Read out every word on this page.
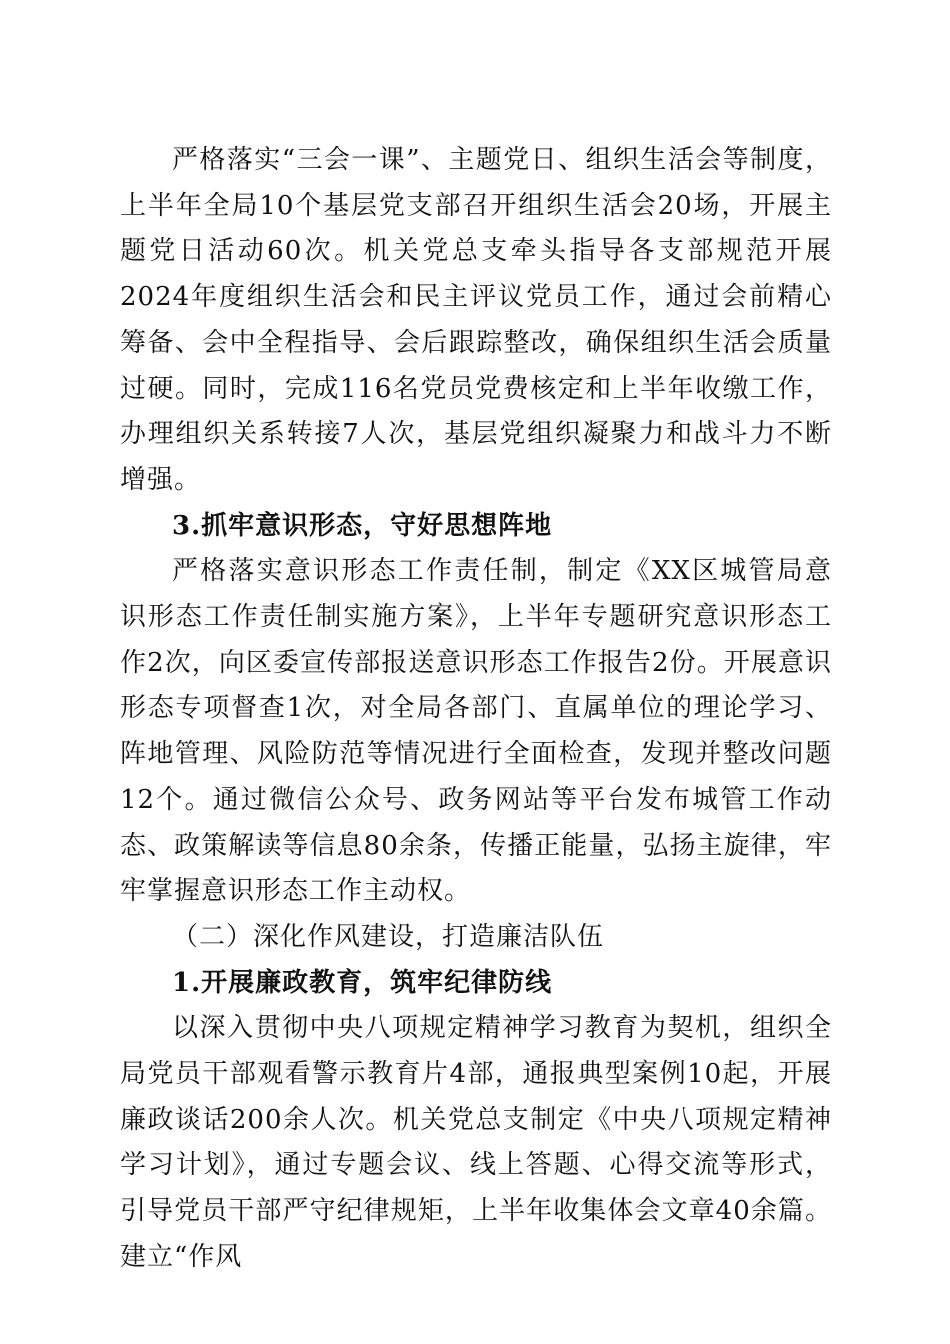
严格落实“三会一课”、主题党日、组织生活会等制度，上半年全局10个基层党支部召开组织生活会20场，开展主题党日活动60次。机关党总支牵头指导各支部规范开展2024年度组织生活会和民主评议党员工作，通过会前精心筹备、会中全程指导、会后跟踪整改，确保组织生活会质量过硬。同时，完成116名党员党费核定和上半年收缴工作，办理组织关系转接7人次，基层党组织凝聚力和战斗力不断增强。

3.抓牢意识形态，守好思想阵地

严格落实意识形态工作责任制，制定《XX区城管局意识形态工作责任制实施方案》，上半年专题研究意识形态工作2次，向区委宣传部报送意识形态工作报告2份。开展意识形态专项督查1次，对全局各部门、直属单位的理论学习、阵地管理、风险防范等情况进行全面检查，发现并整改问题12个。通过微信公众号、政务网站等平台发布城管工作动态、政策解读等信息80余条，传播正能量，弘扬主旋律，牢牢掌握意识形态工作主动权。

（二）深化作风建设，打造廉洁队伍

1.开展廉政教育，筑牢纪律防线

以深入贯彻中央八项规定精神学习教育为契机，组织全局党员干部观看警示教育片4部，通报典型案例10起，开展廉政谈话200余人次。机关党总支制定《中央八项规定精神学习计划》，通过专题会议、线上答题、心得交流等形式，引导党员干部严守纪律规矩，上半年收集体会文章40余篇。建立“作风
